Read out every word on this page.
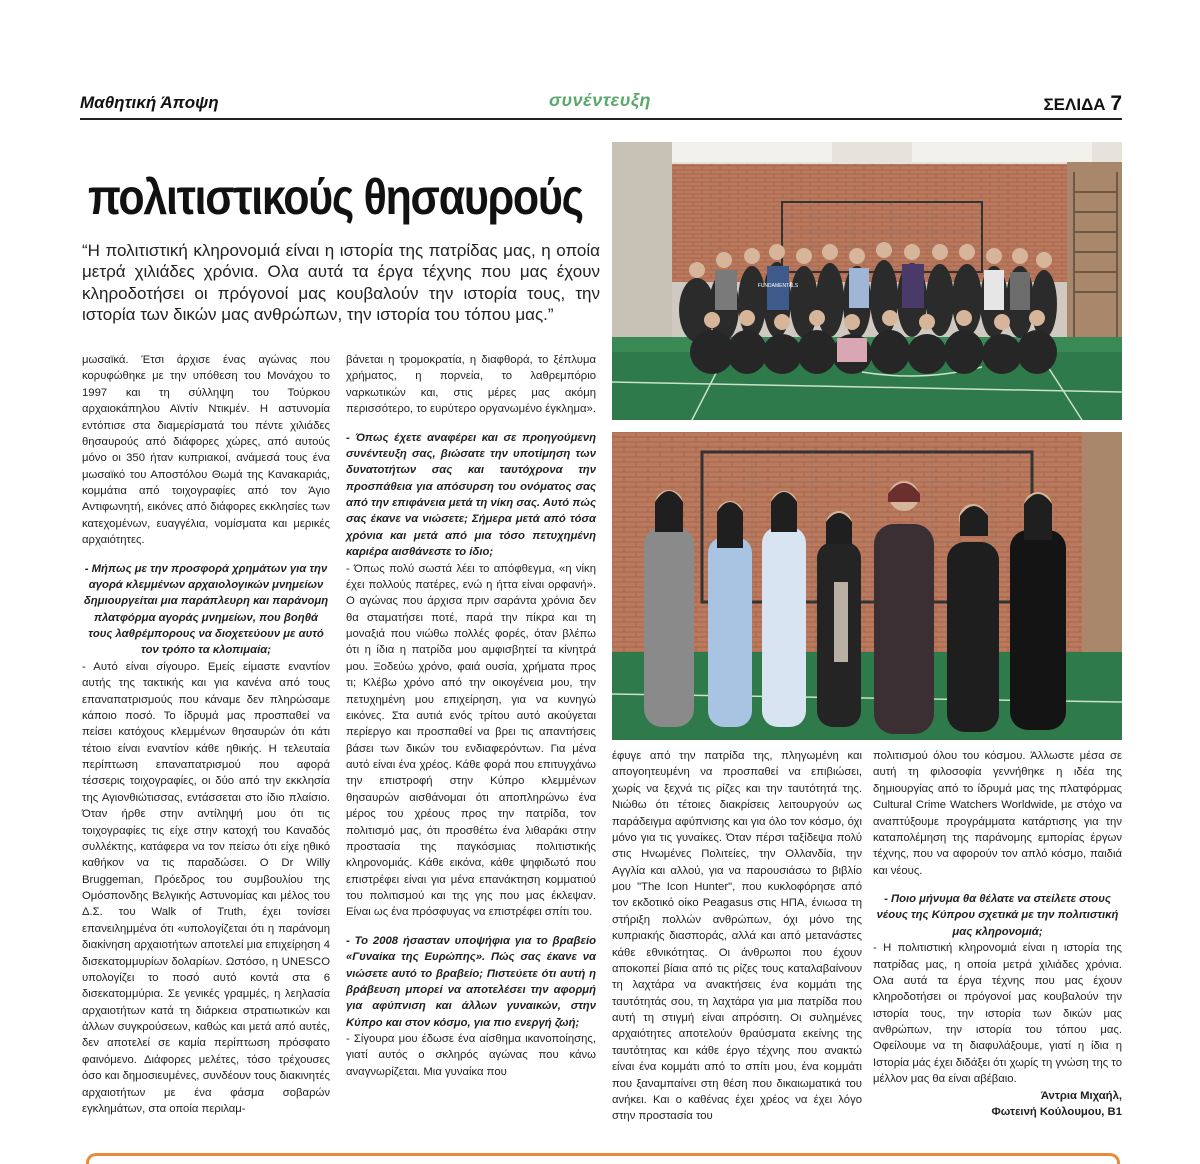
Μαθητική Άποψη	συνέντευξη	ΣΕΛΙΔΑ 7
πολιτιστικούς θησαυρούς
“Η πολιτιστική κληρονομιά είναι η ιστορία της πατρίδας μας, η οποία μετρά χιλιάδες χρόνια. Ολα αυτά τα έργα τέχνης που μας έχουν κληροδοτήσει οι πρόγονοί μας κουβαλούν την ιστορία τους, την ιστορία των δικών μας ανθρώπων, την ιστορία του τόπου μας.”
FUNDAMENTALS

μωσαϊκά. Έτσι άρχισε ένας αγώνας που κορυφώθηκε με την υπόθεση του Μονάχου το 1997 και τη σύλληψη του Τούρκου αρχαιοκάπηλου Αϊντίν Ντικμέν. Η αστυνομία εντόπισε στα διαμερίσματά του πέντε χιλιάδες θησαυρούς από διάφορες χώρες, από αυτούς μόνο οι 350 ήταν κυπριακοί, ανάμεσά τους ένα μωσαϊκό του Αποστόλου Θωμά της Κανακαριάς, κομμάτια από τοιχογραφίες από τον Άγιο Αντιφωνητή, εικόνες από διάφορες εκκλησίες των κατεχομένων, ευαγγέλια, νομίσματα και μερικές αρχαιότητες.

- Μήπως με την προσφορά χρημάτων για την αγορά κλεμμένων αρχαιολογικών μνημείων δημιουργείται μια παράπλευρη και παράνομη πλατφόρμα αγοράς μνημείων, που βοηθά τους λαθρέμπορους να διοχετεύουν με αυτό τον τρόπο τα κλοπιμαία;

- Αυτό είναι σίγουρο. Εμείς είμαστε εναντίον αυτής της τακτικής και για κανένα από τους επαναπατρισμούς που κάναμε δεν πληρώσαμε κάποιο ποσό. Το ίδρυμά μας προσπαθεί να πείσει κατόχους κλεμμένων θησαυρών ότι κάτι τέτοιο είναι εναντίον κάθε ηθικής. Η τελευταία περίπτωση επαναπατρισμού που αφορά τέσσερις τοιχογραφίες, οι δύο από την εκκλησία της Αγιονθιώτισσας, εντάσσεται στο ίδιο πλαίσιο. Όταν ήρθε στην αντίληψή μου ότι τις τοιχογραφίες τις είχε στην κατοχή του Καναδός συλλέκτης, κατάφερα να τον πείσω ότι είχε ηθικό καθήκον να τις παραδώσει. Ο Dr Willy Bruggeman, Πρόεδρος του συμβουλίου της Ομόσπονδης Βελγικής Αστυνομίας και μέλος του Δ.Σ. του Walk of Truth, έχει τονίσει επανειλημμένα ότι «υπολογίζεται ότι η παράνομη διακίνηση αρχαιοτήτων αποτελεί μια επιχείρηση 4 δισεκατομμυρίων δολαρίων. Ωστόσο, η UNESCO υπολογίζει το ποσό αυτό κοντά στα 6 δισεκατομμύρια. Σε γενικές γραμμές, η λεηλασία αρχαιοτήτων κατά τη διάρκεια στρατιωτικών και άλλων συγκρούσεων, καθώς και μετά από αυτές, δεν αποτελεί σε καμία περίπτωση πρόσφατο φαινόμενο. Διάφορες μελέτες, τόσο τρέχουσες όσο και δημοσιευμένες, συνδέουν τους διακινητές αρχαιοτήτων με ένα φάσμα σοβαρών εγκλημάτων, στα οποία περιλαμ-

βάνεται η τρομοκρατία, η διαφθορά, το ξέπλυμα χρήματος, η πορνεία, το λαθρεμπόριο ναρκωτικών και, στις μέρες μας ακόμη περισσότερο, το ευρύτερο οργανωμένο έγκλημα».

- Όπως έχετε αναφέρει και σε προηγούμενη συνέντευξη σας, βιώσατε την υποτίμηση των δυνατοτήτων σας και ταυτόχρονα την προσπάθεια για απόσυρση του ονόματος σας από την επιφάνεια μετά τη νίκη σας. Αυτό πώς σας έκανε να νιώσετε; Σήμερα μετά από τόσα χρόνια και μετά από μια τόσο πετυχημένη καριέρα αισθάνεστε το ίδιο;

- Όπως πολύ σωστά λέει το απόφθεγμα, «η νίκη έχει πολλούς πατέρες, ενώ η ήττα είναι ορφανή». Ο αγώνας που άρχισα πριν σαράντα χρόνια δεν θα σταματήσει ποτέ, παρά την πίκρα και τη μοναξιά που νιώθω πολλές φορές, όταν βλέπω ότι η ίδια η πατρίδα μου αμφισβητεί τα κίνητρά μου. Ξοδεύω χρόνο, φαιά ουσία, χρήματα προς τι; Κλέβω χρόνο από την οικογένεια μου, την πετυχημένη μου επιχείρηση, για να κυνηγώ εικόνες. Στα αυτιά ενός τρίτου αυτό ακούγεται περίεργο και προσπαθεί να βρει τις απαντήσεις βάσει των δικών του ενδιαφερόντων. Για μένα αυτό είναι ένα χρέος. Κάθε φορά που επιτυγχάνω την επιστροφή στην Κύπρο κλεμμένων θησαυρών αισθάνομαι ότι αποπληρώνω ένα μέρος του χρέους προς την πατρίδα, τον πολιτισμό μας, ότι προσθέτω ένα λιθαράκι στην προστασία της παγκόσμιας πολιτιστικής κληρονομιάς. Κάθε εικόνα, κάθε ψηφιδωτό που επιστρέφει είναι για μένα επανάκτηση κομματιού του πολιτισμού και της γης που μας έκλεψαν. Είναι ως ένα πρόσφυγας να επιστρέφει σπίτι του.

- Το 2008 ήσασταν υποψήφια για το βραβείο «Γυναίκα της Ευρώπης». Πώς σας έκανε να νιώσετε αυτό το βραβείο; Πιστεύετε ότι αυτή η βράβευση μπορεί να αποτελέσει την αφορμή για αφύπνιση και άλλων γυναικών, στην Κύπρο και στον κόσμο, για πιο ενεργή ζωή;

- Σίγουρα μου έδωσε ένα αίσθημα ικανοποίησης, γιατί αυτός ο σκληρός αγώνας που κάνω αναγνωρίζεται. Μια γυναίκα που

έφυγε από την πατρίδα της, πληγωμένη και απογοητευμένη να προσπαθεί να επιβιώσει, χωρίς να ξεχνά τις ρίζες και την ταυτότητά της. Νιώθω ότι τέτοιες διακρίσεις λειτουργούν ως παράδειγμα αφύπνισης και για όλο τον κόσμο, όχι μόνο για τις γυναίκες. Όταν πέρσι ταξίδεψα πολύ στις Ηνωμένες Πολιτείες, την Ολλανδία, την Αγγλία και αλλού, για να παρουσιάσω το βιβλίο μου "The Icon Hunter", που κυκλοφόρησε από τον εκδοτικό οίκο Peagasus στις ΗΠΑ, ένιωσα τη στήριξη πολλών ανθρώπων, όχι μόνο της κυπριακής διασποράς, αλλά και από μετανάστες κάθε εθνικότητας. Οι άνθρωποι που έχουν αποκοπεί βίαια από τις ρίζες τους καταλαβαίνουν τη λαχτάρα να ανακτήσεις ένα κομμάτι της ταυτότητάς σου, τη λαχτάρα για μια πατρίδα που αυτή τη στιγμή είναι απρόσιτη. Οι συλημένες αρχαιότητες αποτελούν θραύσματα εκείνης της ταυτότητας και κάθε έργο τέχνης που ανακτώ είναι ένα κομμάτι από το σπίτι μου, ένα κομμάτι που ξαναμπαίνει στη θέση που δικαιωματικά του ανήκει. Και ο καθένας έχει χρέος να έχει λόγο στην προστασία του

πολιτισμού όλου του κόσμου. Άλλωστε μέσα σε αυτή τη φιλοσοφία γεννήθηκε η ιδέα της δημιουργίας από το ίδρυμά μας της πλατφόρμας Cultural Crime Watchers Worldwide, με στόχο να αναπτύξουμε προγράμματα κατάρτισης για την καταπολέμηση της παράνομης εμπορίας έργων τέχνης, που να αφορούν τον απλό κόσμο, παιδιά και νέους.

- Ποιο μήνυμα θα θέλατε να στείλετε στους νέους της Κύπρου σχετικά με την πολιτιστική μας κληρονομιά;

- Η πολιτιστική κληρονομιά είναι η ιστορία της πατρίδας μας, η οποία μετρά χιλιάδες χρόνια. Ολα αυτά τα έργα τέχνης που μας έχουν κληροδοτήσει οι πρόγονοί μας κουβαλούν την ιστορία τους, την ιστορία των δικών μας ανθρώπων, την ιστορία του τόπου μας. Οφείλουμε να τη διαφυλάξουμε, γιατί η ίδια η Ιστορία μάς έχει διδάξει ότι χωρίς τη γνώση της το μέλλον μας θα είναι αβέβαιο.

Άντρια Μιχαήλ,
Φωτεινή Κούλουμου, Β1
